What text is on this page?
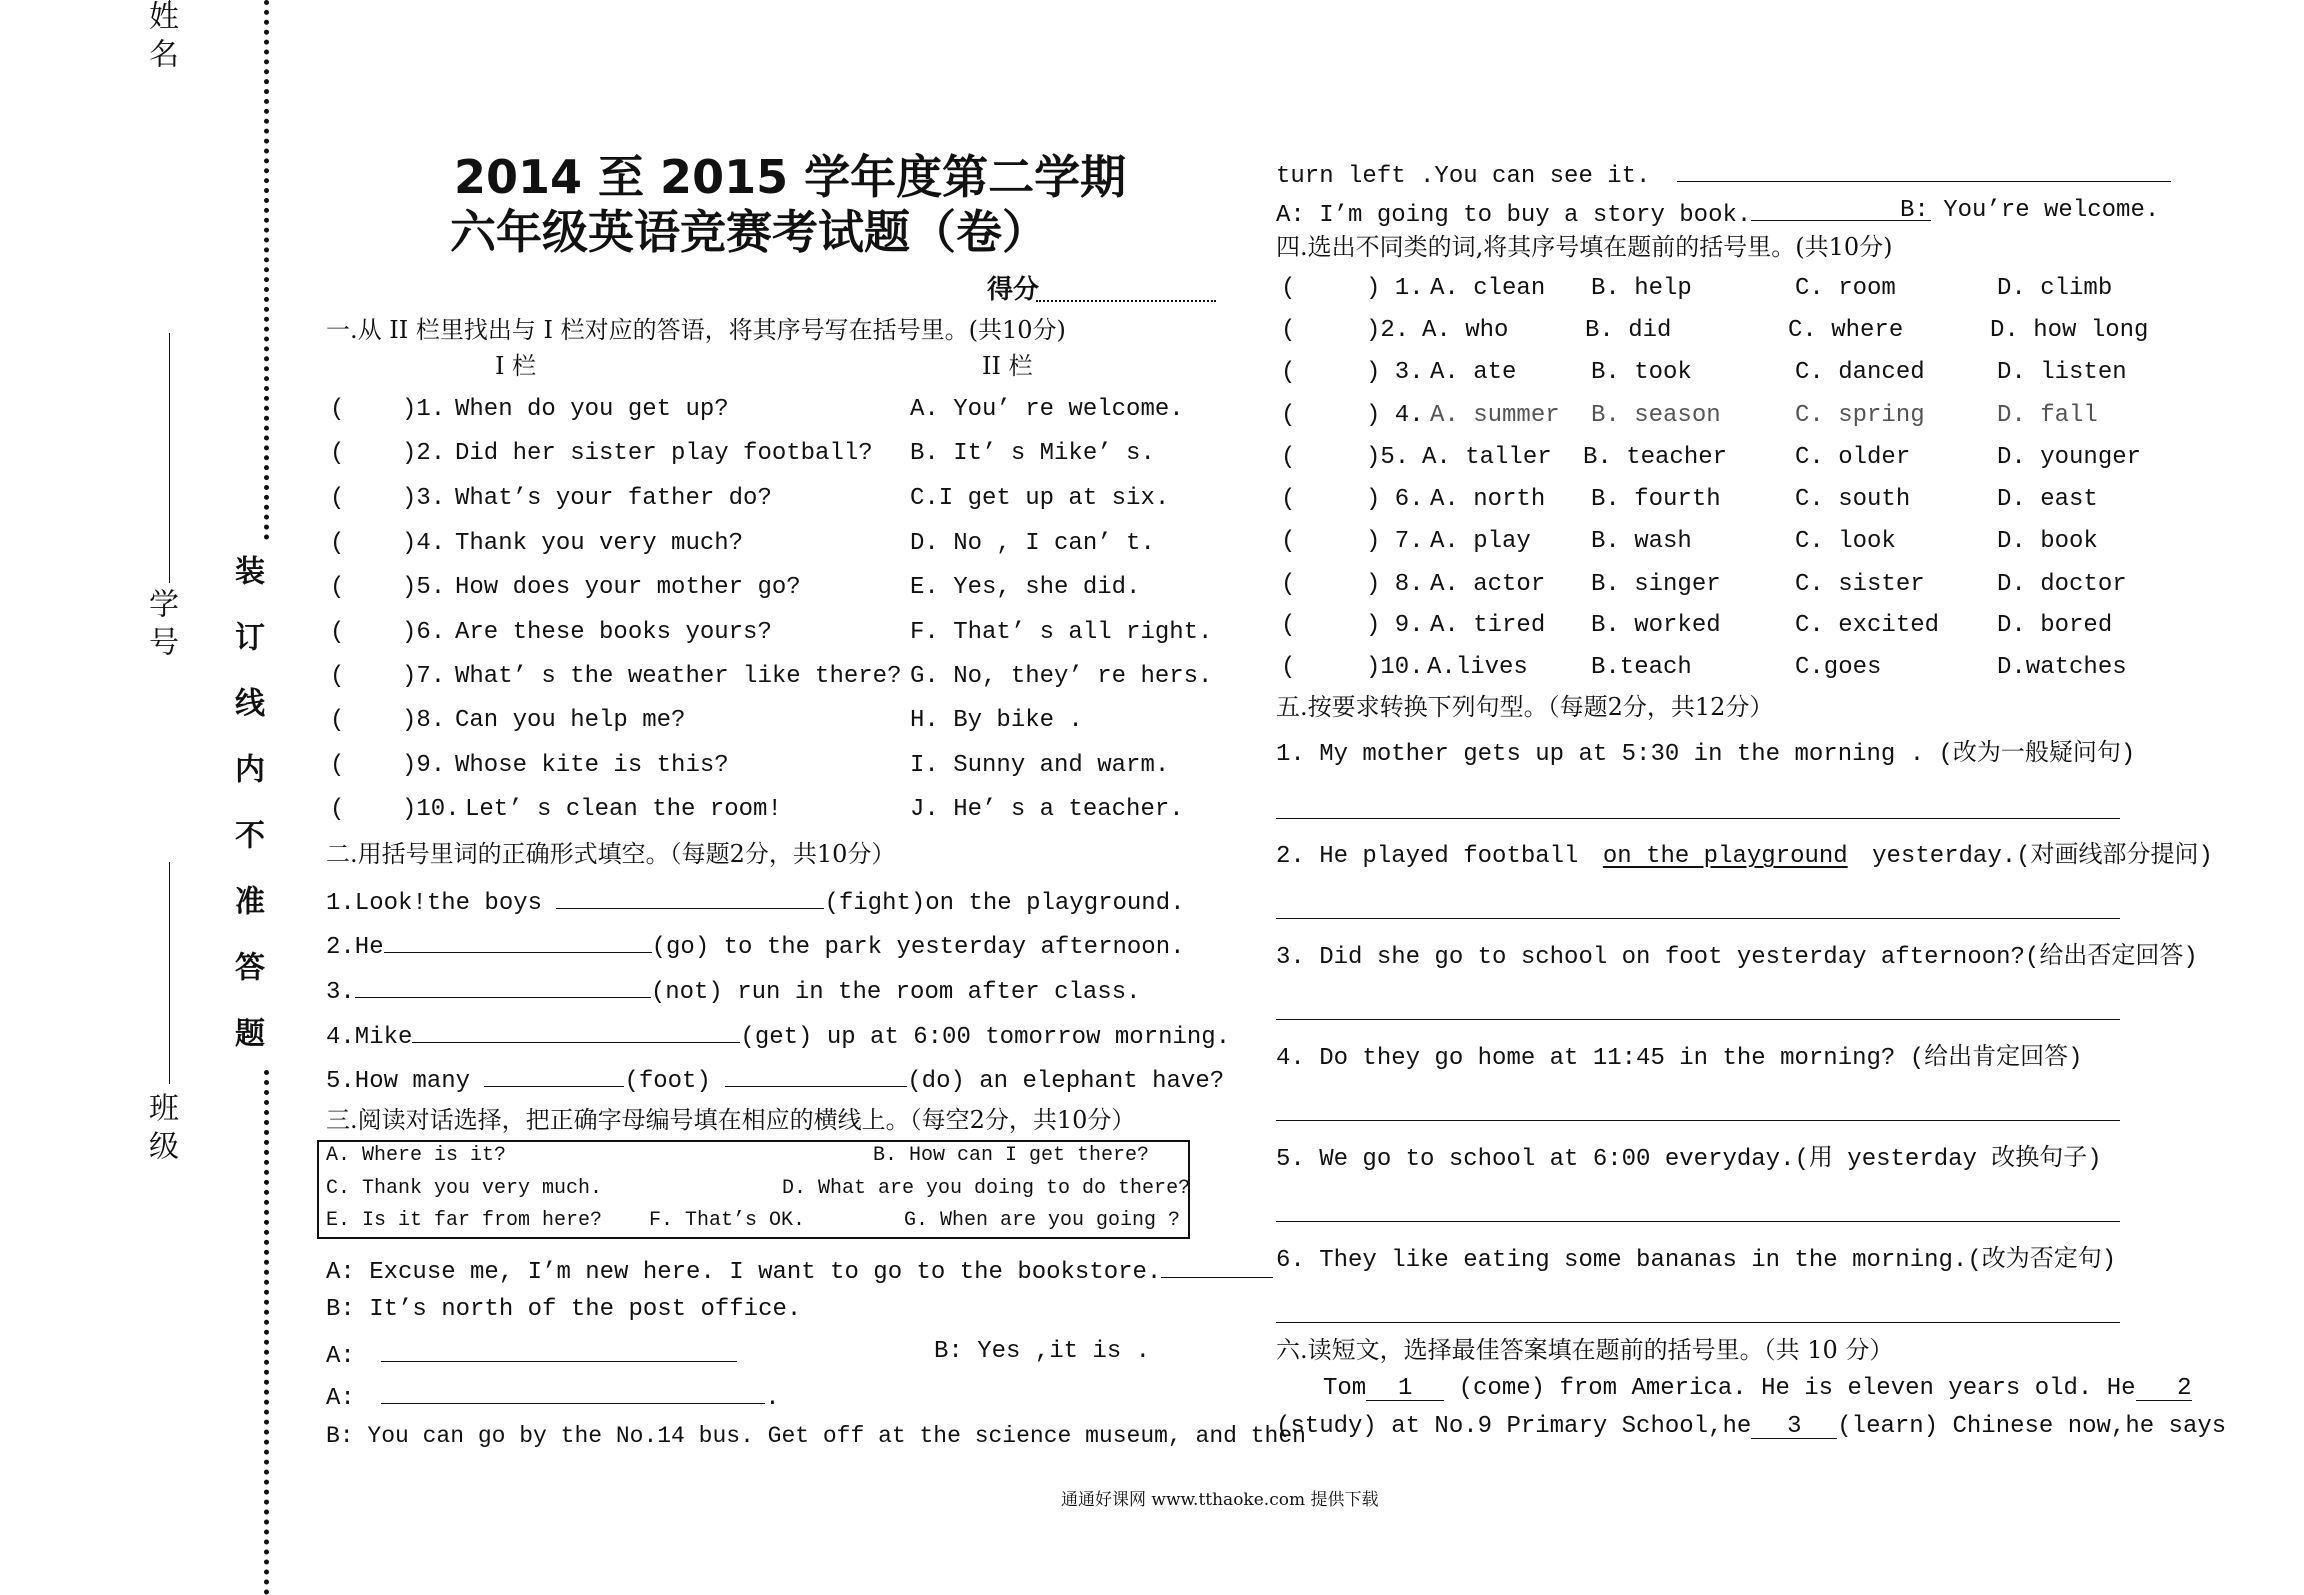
姓名
学号
班级
装订线内不准答题
2014 至 2015 学年度第二学期
六年级英语竞赛考试题（卷）
得分
一.从 II 栏里找出与 I 栏对应的答语，将其序号写在括号里。(共10分)
I 栏	II 栏
( )1. When do you get up?	A. You’ re welcome.
( )2. Did her sister play football? B. It’ s Mike’ s.
( )3. What’s your father do?	C.I get up at six.
( )4. Thank you very much?	D. No , I can’ t.
( )5. How does your mother go?	E. Yes, she did.
( )6. Are these books yours?	F. That’ s all right.
( )7. What’ s the weather like there? G. No, they’ re hers.
( )8. Can you help me?	H. By bike .
( )9. Whose kite is this?	I. Sunny and warm.
( )10. Let’ s clean the room!	J. He’ s a teacher.
二.用括号里词的正确形式填空。（每题2分，共10分）
1.Look!the boys	(fight)on the playground.
2.He	(go) to the park yesterday afternoon.
3.	(not) run in the room after class.
4.Mike	(get) up at 6:00 tomorrow morning.
5.How many	(foot)	(do) an elephant have?
三.阅读对话选择，把正确字母编号填在相应的横线上。（每空2分，共10分）
A. Where is it?	B. How can I get there?
C. Thank you very much.	D. What are you doing to do there?
E. Is it far from here? F. That’s OK.	G. When are you going ?
A: Excuse me, I’m new here. I want to go to the bookstore.
B: It’s north of the post office.
A:	B: Yes ,it is .
A:	.
B: You can go by the No.14 bus. Get off at the science museum, and then
turn left .You can see it.
A: I’m going to buy a story book.	B: You’re welcome.
四.选出不同类的词,将其序号填在题前的括号里。(共10分)
(	) 1. A. clean B. help	C. room	D. climb
(	)2. A. who	B. did	C. where	D. how long
(	) 3. A. ate	B. took	C. danced	D. listen
(	) 4. A. summer B. season	C. spring	D. fall
(	)5. A. taller B. teacher	C. older	D. younger
(	) 6. A. north B. fourth	C. south	D. east
(	) 7. A. play	B. wash	C. look	D. book
(	) 8. A. actor B. singer	C. sister	D. doctor
(	) 9. A. tired B. worked	C. excited D. bored
(	)10. A.lives	B.teach	C.goes	D.watches
五.按要求转换下列句型。（每题2分，共12分）
1. My mother gets up at 5:30 in the morning . (改为一般疑问句)
2. He played football on the playground yesterday.(对画线部分提问)
3. Did she go to school on foot yesterday afternoon?(给出否定回答)
4. Do they go home at 11:45 in the morning? (给出肯定回答)
5. We go to school at 6:00 everyday.(用 yesterday 改换句子)
6. They like eating some bananas in the morning.(改为否定句)
六.读短文，选择最佳答案填在题前的括号里。（共 10 分）
Tom 1 (come) from America. He is eleven years old. He 2
(study) at No.9 Primary School,he 3 (learn) Chinese now,he says
通通好课网 www.tthaoke.com 提供下载
